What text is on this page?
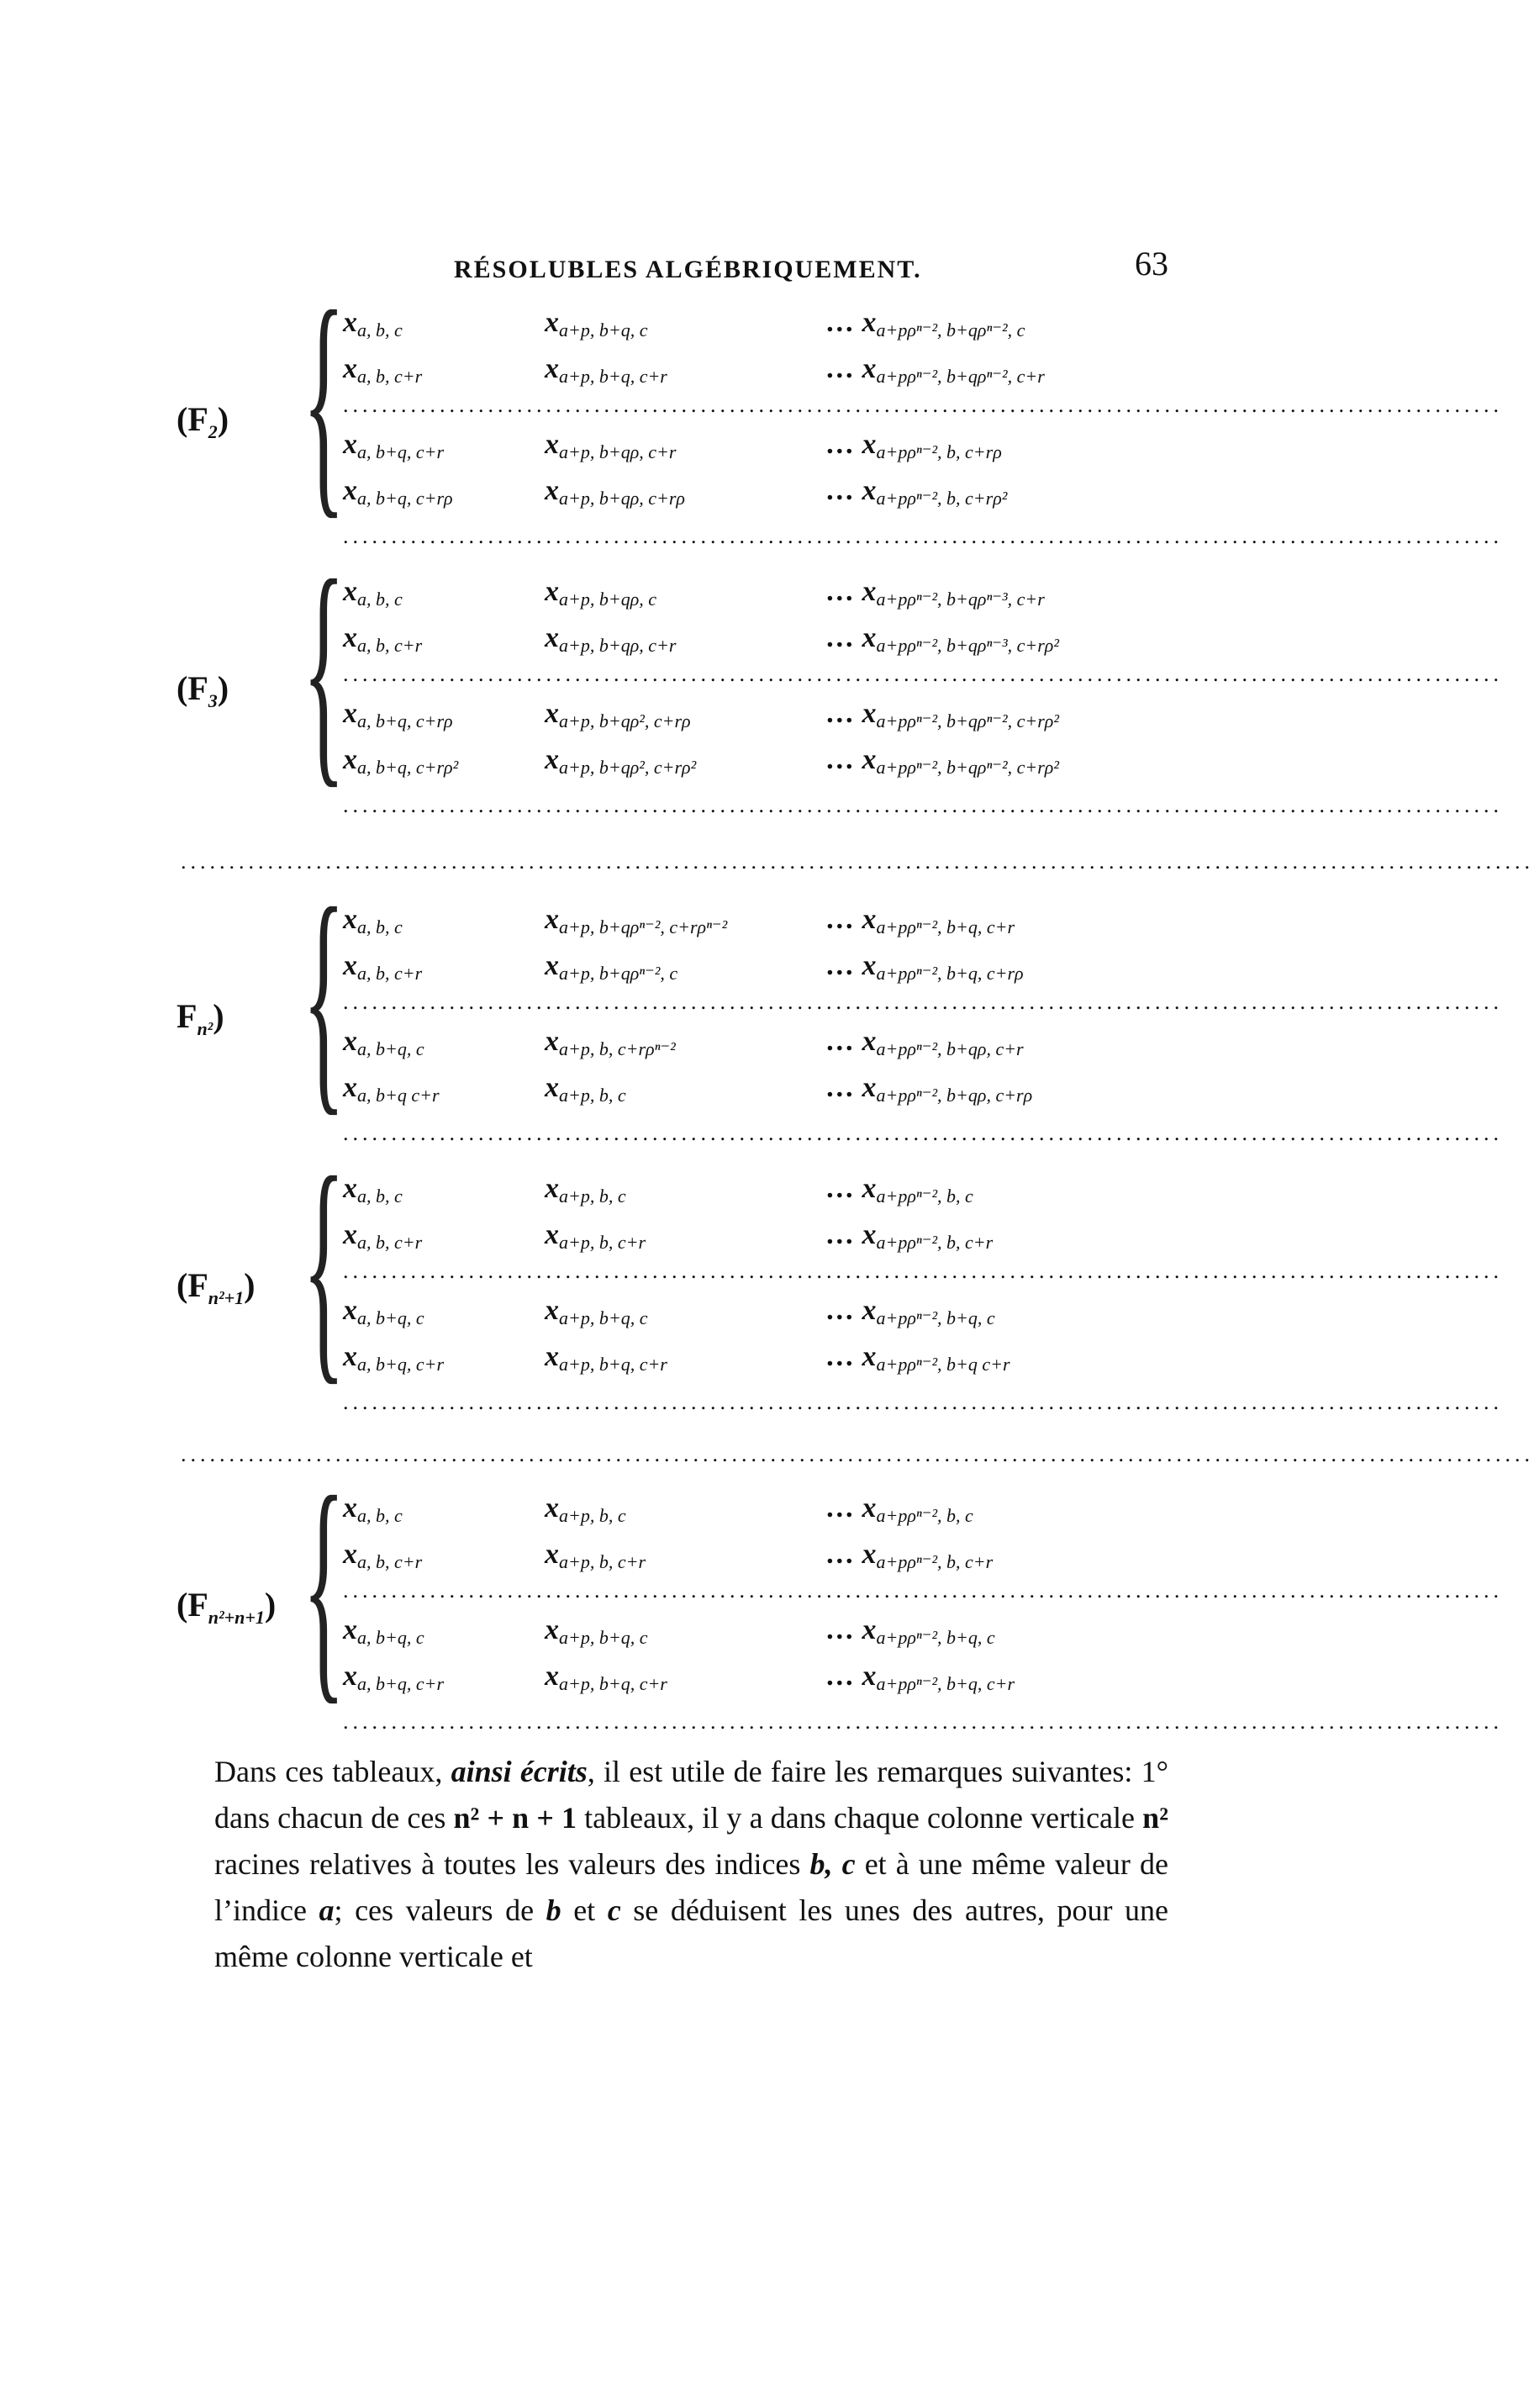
RÉSOLUBLES ALGÉBRIQUEMENT.	63
$(F_2)$ {
$x_{a, b, c}$	$x_{a+p, b+q, c}$	… $x_{a+p\rho^{n-2}, b+q\rho^{n-2}, c}$
$x_{a, b, c+r}$	$x_{a+p, b+q, c+r}$	… $x_{a+p\rho^{n-2}, b+q\rho^{n-2}, c+r}$
$x_{a, b+q, c+r}$	$x_{a+p, b+q\rho, c+r}$	… $x_{a+p\rho^{n-2}, b, c+r\rho}$
$x_{a, b+q, c+r\rho}$	$x_{a+p, b+q\rho, c+r\rho}$	… $x_{a+p\rho^{n-2}, b, c+r\rho^2}$
........................................................................................................................
........................................................................................................................
$(F_3)$ {
$x_{a, b, c}$	$x_{a+p, b+q\rho, c}$	… $x_{a+p\rho^{n-2}, b+q\rho^{n-3}, c+r}$
$x_{a, b, c+r}$	$x_{a+p, b+q\rho, c+r}$	… $x_{a+p\rho^{n-2}, b+q\rho^{n-3}, c+r\rho^2}$
$x_{a, b+q, c+r\rho}$	$x_{a+p, b+q\rho^2, c+r\rho}$	… $x_{a+p\rho^{n-2}, b+q\rho^{n-2}, c+r\rho^2}$
$x_{a, b+q, c+r\rho^2}$	$x_{a+p, b+q\rho^2, c+r\rho^2}$	… $x_{a+p\rho^{n-2}, b+q\rho^{n-2}, c+r\rho^2}$
........................................................................................................................
........................................................................................................................
$F_{n^2}$) {
$x_{a, b, c}$	$x_{a+p, b+q\rho^{n-2}, c+r\rho^{n-2}}$	… $x_{a+p\rho^{n-2}, b+q, c+r}$
$x_{a, b, c+r}$	$x_{a+p, b+q\rho^{n-2}, c}$	… $x_{a+p\rho^{n-2}, b+q, c+r\rho}$
$x_{a, b+q, c}$	$x_{a+p, b, c+r\rho^{n-2}}$	… $x_{a+p\rho^{n-2}, b+q\rho, c+r}$
$x_{a, b+q c+r}$	$x_{a+p, b, c}$	… $x_{a+p\rho^{n-2}, b+q\rho, c+r\rho}$
........................................................................................................................
........................................................................................................................
$(F_{n^2+1})$ {
$x_{a, b, c}$	$x_{a+p, b, c}$	… $x_{a+p\rho^{n-2}, b, c}$
$x_{a, b, c+r}$	$x_{a+p, b, c+r}$	… $x_{a+p\rho^{n-2}, b, c+r}$
$x_{a, b+q, c}$	$x_{a+p, b+q, c}$	… $x_{a+p\rho^{n-2}, b+q, c}$
$x_{a, b+q, c+r}$	$x_{a+p, b+q, c+r}$	… $x_{a+p\rho^{n-2}, b+q c+r}$
........................................................................................................................
........................................................................................................................
$(F_{n^2+n+1})$ {
$x_{a, b, c}$	$x_{a+p, b, c}$	… $x_{a+p\rho^{n-2}, b, c}$
$x_{a, b, c+r}$	$x_{a+p, b, c+r}$	… $x_{a+p\rho^{n-2}, b, c+r}$
$x_{a, b+q, c}$	$x_{a+p, b+q, c}$	… $x_{a+p\rho^{n-2}, b+q, c}$
$x_{a, b+q, c+r}$	$x_{a+p, b+q, c+r}$	… $x_{a+p\rho^{n-2}, b+q, c+r}$
........................................................................................................................
........................................................................................................................
Dans ces tableaux, ainsi écrits, il est utile de faire les remarques suivantes: 1° dans chacun de ces n² + n + 1 tableaux, il y a dans chaque colonne verticale n² racines relatives à toutes les valeurs des indices b, c et à une même valeur de l’indice a; ces valeurs de b et c se déduisent les unes des autres, pour une même colonne verticale et
............................................................................................................................................
............................................................................................................................................
